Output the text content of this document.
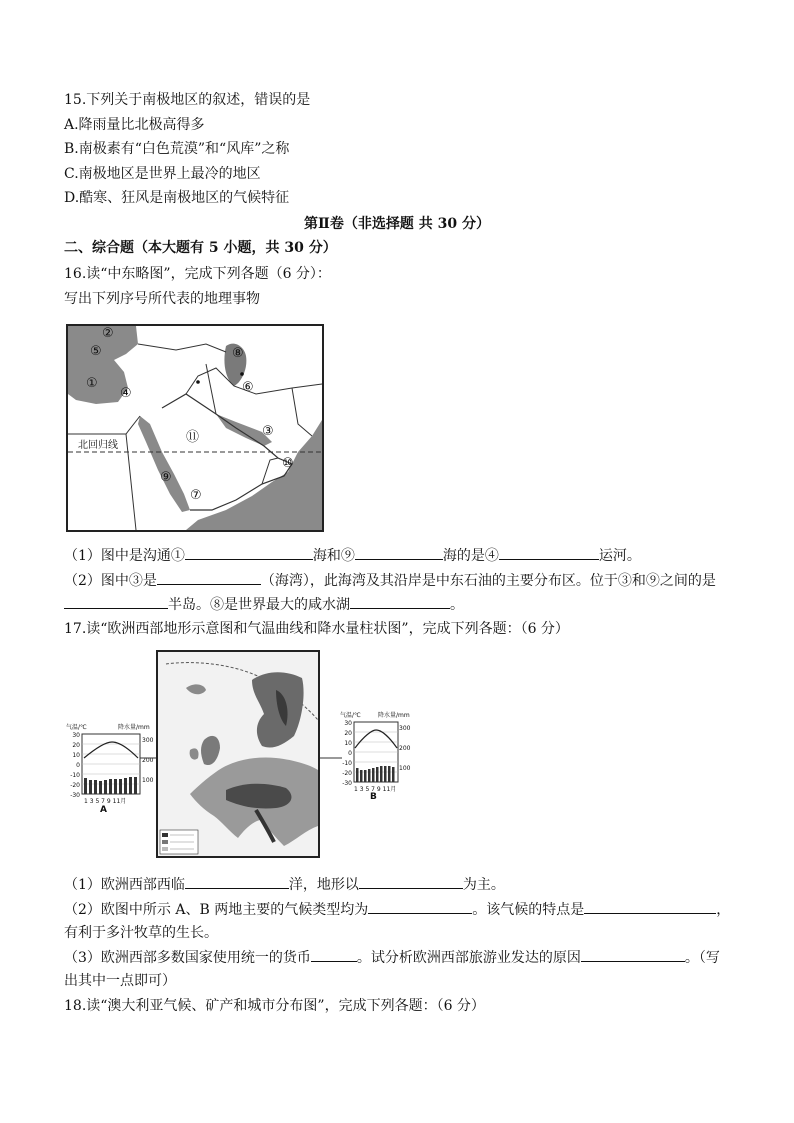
15.下列关于南极地区的叙述，错误的是
A.降雨量比北极高得多
B.南极素有“白色荒漠”和“风库”之称
C.南极地区是世界上最冷的地区
D.酷寒、狂风是南极地区的气候特征
第Ⅱ卷（非选择题 共 30 分）
二、综合题（本大题有 5 小题，共 30 分）
16.读“中东略图”，完成下列各题（6 分）：
写出下列序号所代表的地理事物
北回归线
①
②
③
④
⑤
⑥
⑦
⑧
⑨
⑩
⑪
（1）图中是沟通①	海和⑨	海的是④	运河。
（2）图中③是	（海湾），此海湾及其沿岸是中东石油的主要分布区。位于③和⑨之间的是
半岛。⑧是世界最大的咸水湖	。
17.读“欧洲西部地形示意图和气温曲线和降水量柱状图”，完成下列各题：（6 分）
气温/℃	降水量/mm
30
20
10
0
-10
-20
-30
300
200
100
1 3 5 7 9 11月
A
气温/℃	降水量/mm
30
20
10
0
-10
-20
-30
300
200
100
1 3 5 7 9 11月
B
（1）欧洲西部西临	洋，地形以	为主。
（2）欧图中所示 A、B 两地主要的气候类型均为	。该气候的特点是	，
有利于多汁牧草的生长。
（3）欧洲西部多数国家使用统一的货币	。试分析欧洲西部旅游业发达的原因	。（写
出其中一点即可）
18.读“澳大利亚气候、矿产和城市分布图”，完成下列各题：（6 分）
